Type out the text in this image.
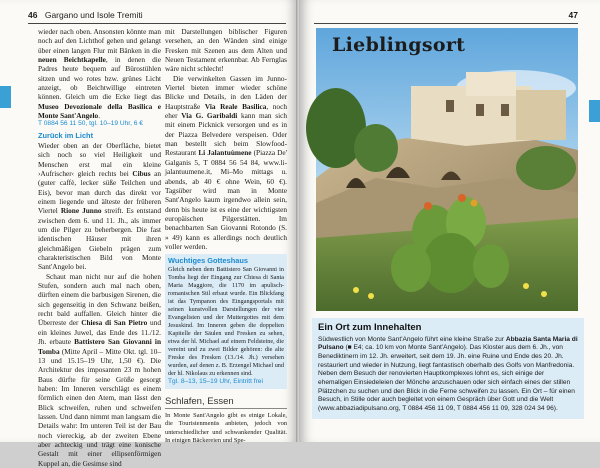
46 Gargano und Isole Tremiti

wieder nach oben. Ansonsten könnte man noch auf den Lichthof gehen und gelangt über einen langen Flur mit Bänken in die neuen Beichtkapelle, in denen die Padres heute bequem auf Bürostühlen sitzen und wo rotes bzw. grünes Licht anzeigt, ob Beichtwillige eintreten können. Gleich um die Ecke liegt das Museo Devozionale della Basilica e Monte Sant'Angelo.

T 0884 56 11 50, tgl. 10–19 Uhr, 6 €
Zurück im Licht

Wieder oben an der Oberfläche, bietet sich noch so viel Heiligkeit und Menschen erst mal ein kleine ›Aufrischer‹ gleich rechts bei Cibus an (guter caffè, lecker süße Teilchen und Eis), bevor man durch das direkt vor einem liegende und älteste der früheren Viertel Rione Junno streift. Es entstand zwischen dem 6. und 11. Jh., als immer um die Pilger zu beherbergen. Die fast identischen Häuser mit ihren gleichmäßigen Giebeln prägen zum charakteristischen Bild von Monte Sant'Angelo bei.

Schaut man nicht nur auf die hohen Stufen, sondern auch mal nach oben, dürften einem die barbusigen Sirenen, die sich gegenseitig in den Schwanz beißen, recht bald auffallen. Gleich hinter die Überreste der Chiesa di San Pietro und ein kleines Juwel, das Ende des 11./12. Jh. erbaute Battistero San Giovanni in Tomba (Mitte April – Mitte Okt. tgl. 10–13 und 15.15–19 Uhr, 1,50 €). Die Architektur des imposanten 23 m hohen Baus dürfte für seine Größe gesorgt haben: Im Inneren verschlägt es einem förmlich einen den Atem, man lässt den Blick schweifen, ruhen und schweifen lassen. Und dann nimmt man langsam die Details wahr: Im unteren Teil ist der Bau noch viereckig, ab der zweiten Ebene aber achteckig und trägt eine konische Gestalt mit einer ellipsenförmigen Kuppel an, die Gesimse sind

mit Darstellungen biblischer Figuren versehen, an den Wänden sind einige Fresken mit Szenen aus dem Alten und Neuen Testament erkennbar. Ab Fernglas wäre nicht schlecht!

Die verwinkelten Gassen im Junno-Viertel bieten immer wieder schöne Blicke und Details, in den Läden der Hauptstraße Via Reale Basilica, noch eher Via G. Garibaldi kann man sich mit einem Picknick versorgen und es in der Piazza Belvedere verspeisen. Oder man bestellt sich beim Slowfood-Restaurant Li Jalantuùmene (Piazza De' Galganis 5, T 0884 56 54 84, www.li-jalantuumene.it, Mi–Mo mittags u. abends, ab 40 € ohne Wein, 60 €). Tagsüber wird man in Monte Sant'Angelo kaum irgendwo allein sein, denn bis heute ist es eine der wichtigsten europäischen Pilgerstätten. Im benachbarten San Giovanni Rotondo (S. » 49) kann es allerdings noch deutlich voller werden.

Wuchtiges Gotteshaus
Gleich neben dem Battistero San Giovanni in Tomba liegt der Eingang zur Chiesa di Santa Maria Maggiore, die 1170 im apulisch-romanischen Stil erbaut wurde. Ein Blickfang ist das Tympanon des Eingangsportals mit seinen kunstvollen Darstellungen der vier Evangelisten und der Muttergottes mit dem Jesuskind. Im Inneren geben die doppelten Kapitelle der Säulen und Fresken zu sehen, etwa der hl. Michael auf einem Feldsteine, die vereint und zu zwei Bilder gehören: die alte Freske des Fresken (13./14. Jh.) versehen wurden, auf denen z. B. Erzengel Michael und der hl. Nikolaus zu erkennen sind.
Tgl. 8–13, 15–19 Uhr, Eintritt frei
Schlafen, Essen

In Monte Sant'Angelo gibt es einige Lokale, die Touristenmenüs anbieten, jedoch von unterschiedlicher und schwankender Qualität. In einigen Bäckereien und Spe-

47
Lieblingsort
Ein Ort zum Innehalten
Südwestlich von Monte Sant'Angelo führt eine kleine Straße zur Abbazia Santa Maria di Pulsano (■ E4; ca. 10 km von Monte Sant'Angelo). Das Kloster aus dem 6. Jh., von Benediktinern im 12. Jh. erweitert, seit dem 19. Jh. eine Ruine und Ende des 20. Jh. restauriert und wieder in Nutzung, liegt fantastisch oberhalb des Golfs von Manfredonia. Neben dem Besuch der renovierten Hauptkomplexes lohnt es, sich einige der ehemaligen Einsiedeleien der Mönche anzuschauen oder sich einfach eines der stillen Plätzchen zu suchen und den Blick in die Ferne schweifen zu lassen. Ein Ort – für einen Besuch, in Stille oder auch begleitet von einem Gespräch über Gott und die Welt (www.abbaziadipulsano.org, T 0884 456 11 09, T 0884 456 11 09, 328 024 34 96).
